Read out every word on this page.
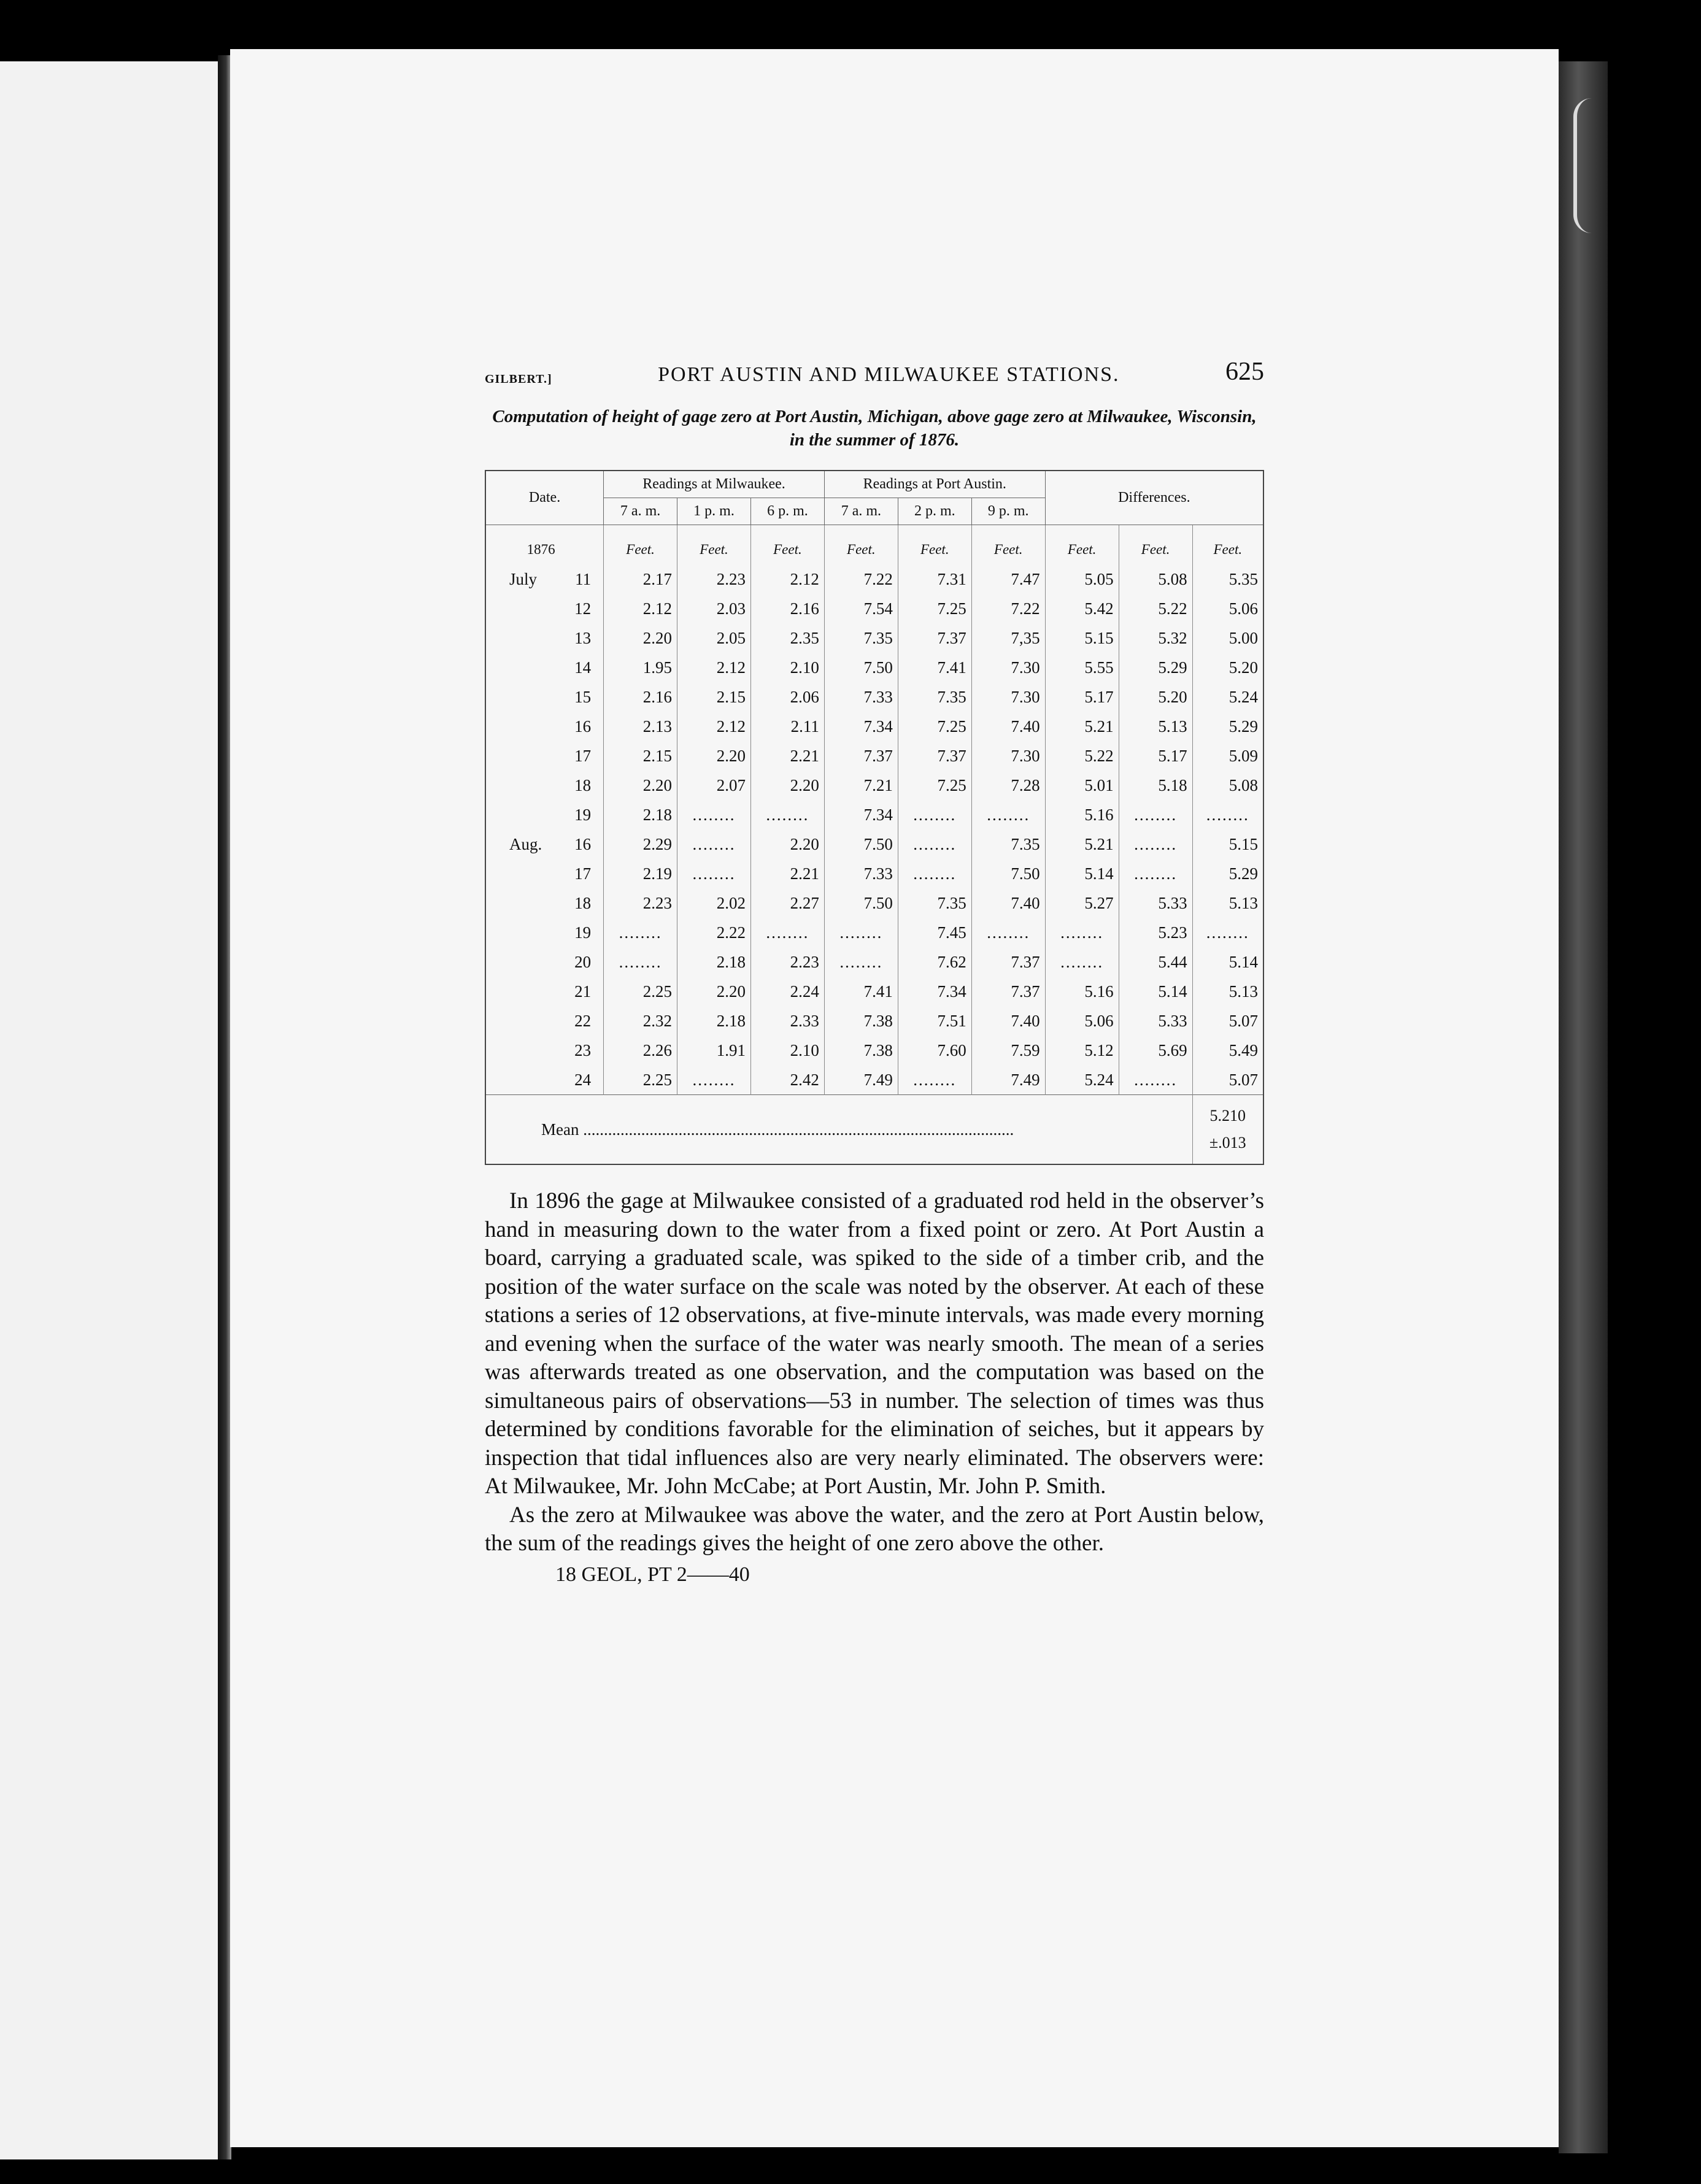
GILBERT.]	PORT AUSTIN AND MILWAUKEE STATIONS.	625
Computation of height of gage zero at Port Austin, Michigan, above gage zero at Milwaukee, Wisconsin, in the summer of 1876.
Date.	Readings at Milwaukee.			Readings at Port Austin.			Differences.		
	7 a. m.	1 p. m.	6 p. m.	7 a. m.	2 p. m.	9 p. m.			
1876	Feet.	Feet.	Feet.	Feet.	Feet.	Feet.	Feet.	Feet.	Feet.

July 11	2.17	2.23	2.12	7.22	7.31	7.47	5.05	5.08	5.35

12	2.12	2.03	2.16	7.54	7.25	7.22	5.42	5.22	5.06

13	2.20	2.05	2.35	7.35	7.37	7,35	5.15	5.32	5.00

14	1.95	2.12	2.10	7.50	7.41	7.30	5.55	5.29	5.20

15	2.16	2.15	2.06	7.33	7.35	7.30	5.17	5.20	5.24

16	2.13	2.12	2.11	7.34	7.25	7.40	5.21	5.13	5.29

17	2.15	2.20	2.21	7.37	7.37	7.30	5.22	5.17	5.09

18	2.20	2.07	2.20	7.21	7.25	7.28	5.01	5.18	5.08

19	2.18	........	........	7.34	........	........	5.16	........	........

Aug. 16	2.29	........	2.20	7.50	........	7.35	5.21	........	5.15

17	2.19	........	2.21	7.33	........	7.50	5.14	........	5.29

18	2.23	2.02	2.27	7.50	7.35	7.40	5.27	5.33	5.13

19	........	2.22	........	........	7.45	........	........	5.23	........

20	........	2.18	2.23	........	7.62	7.37	........	5.44	5.14

21	2.25	2.20	2.24	7.41	7.34	7.37	5.16	5.14	5.13

22	2.32	2.18	2.33	7.38	7.51	7.40	5.06	5.33	5.07

23	2.26	1.91	2.10	7.38	7.60	7.59	5.12	5.69	5.49

24	2.25	........	2.42	7.49	........	7.49	5.24	........	5.07
Mean ........................................................................................................									5.210
±.013

In 1896 the gage at Milwaukee consisted of a graduated rod held in the observer’s hand in measuring down to the water from a fixed point or zero. At Port Austin a board, carrying a graduated scale, was spiked to the side of a timber crib, and the position of the water surface on the scale was noted by the observer. At each of these stations a series of 12 observations, at five-minute intervals, was made every morning and evening when the surface of the water was nearly smooth. The mean of a series was afterwards treated as one observation, and the computation was based on the simultaneous pairs of observations—53 in number. The selection of times was thus determined by conditions favorable for the elimination of seiches, but it appears by inspection that tidal influences also are very nearly eliminated. The observers were: At Milwaukee, Mr. John McCabe; at Port Austin, Mr. John P. Smith.

As the zero at Milwaukee was above the water, and the zero at Port Austin below, the sum of the readings gives the height of one zero above the other.

18 GEOL, PT 2——40
